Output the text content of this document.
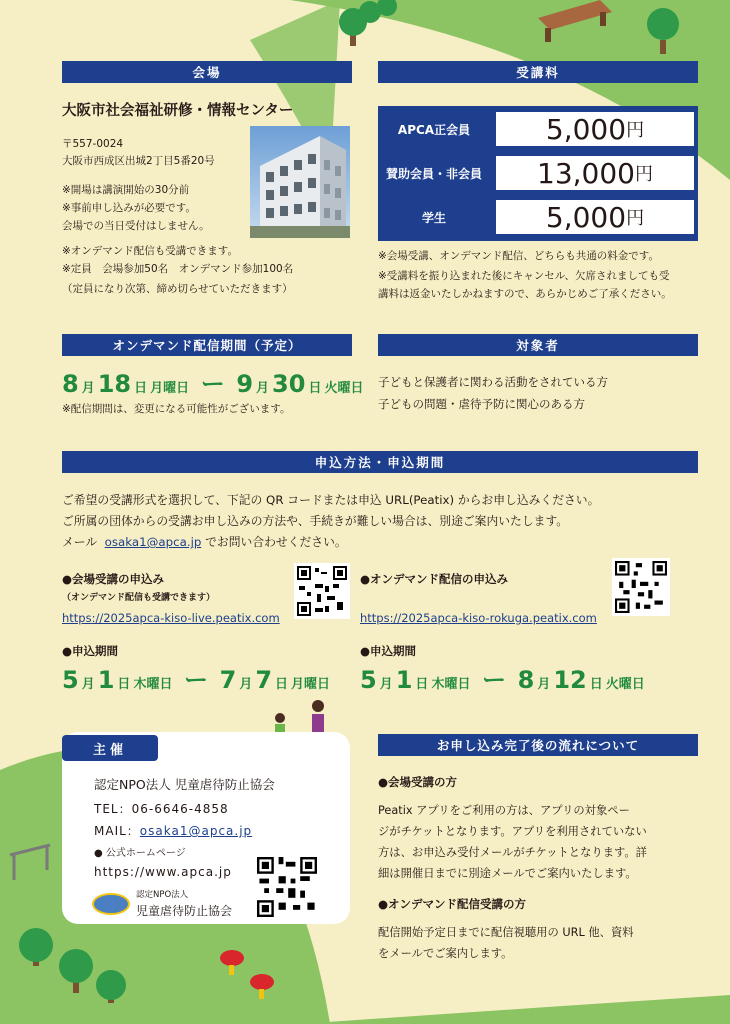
会場
大阪市社会福祉研修・情報センター
〒557-0024
大阪市西成区出城2丁目5番20号
※開場は講演開始の30分前
※事前申し込みが必要です。
会場での当日受付はしません。
※オンデマンド配信も受講できます。
※定員　会場参加50名　オンデマンド参加100名
（定員になり次第、締め切らせていただきます）
受講料
APCA正会員	5,000 円
賛助会員・非会員 13,000 円
学生	5,000 円
※会場受講、オンデマンド配信、どちらも共通の料金です。
※受講料を振り込まれた後にキャンセル、欠席されましても受
講料は返金いたしかねますので、あらかじめご了承ください。
オンデマンド配信期間（予定）
8 月 18 日 月曜日 ー 9 月 30 日 火曜日
※配信期間は、変更になる可能性がございます。
対象者
子どもと保護者に関わる活動をされている方
子どもの問題・虐待予防に関心のある方
申込方法・申込期間
ご希望の受講形式を選択して、下記の QR コードまたは申込 URL(Peatix) からお申し込みください。
ご所属の団体からの受講お申し込みの方法や、手続きが難しい場合は、別途ご案内いたします。
メール osaka1@apca.jp でお問い合わせください。
●会場受講の申込み
（オンデマンド配信も受講できます）
https://2025apca-kiso-live.peatix.com
●申込期間
5 月 1 日 木曜日 ー 7 月 7 日 月曜日
●オンデマンド配信の申込み
https://2025apca-kiso-rokuga.peatix.com
●申込期間
5 月 1 日 木曜日 ー 8 月 12 日 火曜日
主催
認定NPO法人 児童虐待防止協会
TEL：06-6646-4858
MAIL：osaka1@apca.jp
● 公式ホームページ
https://www.apca.jp
認定NPO法人
児童虐待防止協会
お申し込み完了後の流れについて
●会場受講の方
Peatix アプリをご利用の方は、アプリの対象ペー
ジがチケットとなります。アプリを利用されていない
方は、お申込み受付メールがチケットとなります。詳
細は開催日までに別途メールでご案内いたします。
●オンデマンド配信受講の方
配信開始予定日までに配信視聴用の URL 他、資料
をメールでご案内します。
